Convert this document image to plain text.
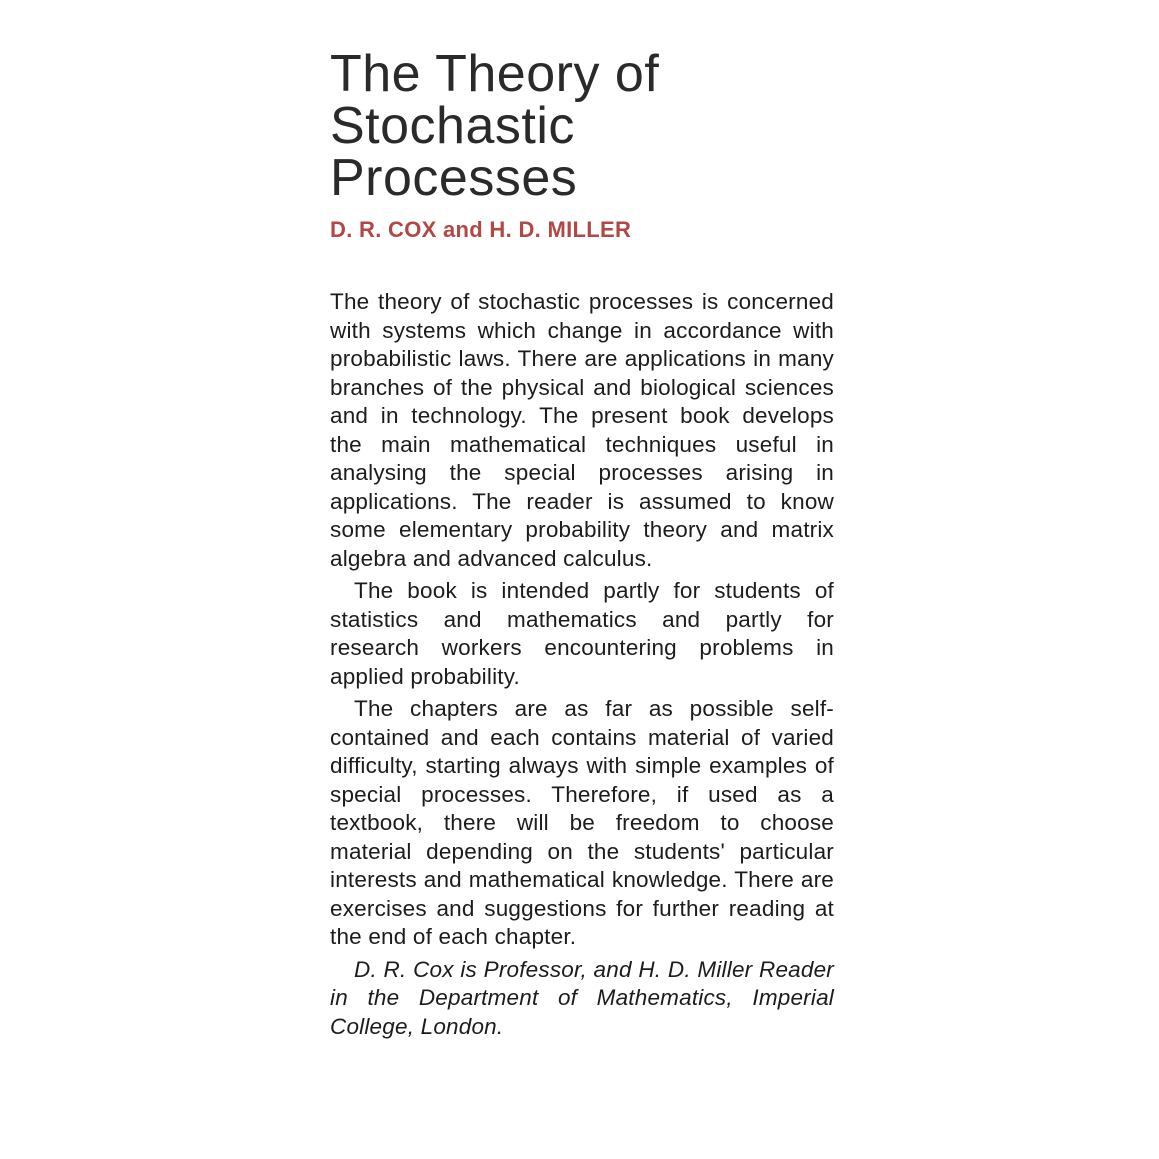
The Theory of
Stochastic
Processes
D. R. COX and H. D. MILLER

The theory of stochastic processes is concerned with systems which change in accordance with probabilistic laws. There are applications in many branches of the physical and biological sciences and in technology. The present book develops the main mathematical techniques useful in analysing the special processes arising in applications. The reader is assumed to know some elementary probability theory and matrix algebra and advanced calculus.

The book is intended partly for students of statistics and mathematics and partly for research workers encountering problems in applied probability.

The chapters are as far as possible self-contained and each contains material of varied difficulty, starting always with simple examples of special processes. Therefore, if used as a textbook, there will be freedom to choose material depending on the students' particular interests and mathematical knowledge. There are exercises and suggestions for further reading at the end of each chapter.

D. R. Cox is Professor, and H. D. Miller Reader in the Department of Mathematics, Imperial College, London.
